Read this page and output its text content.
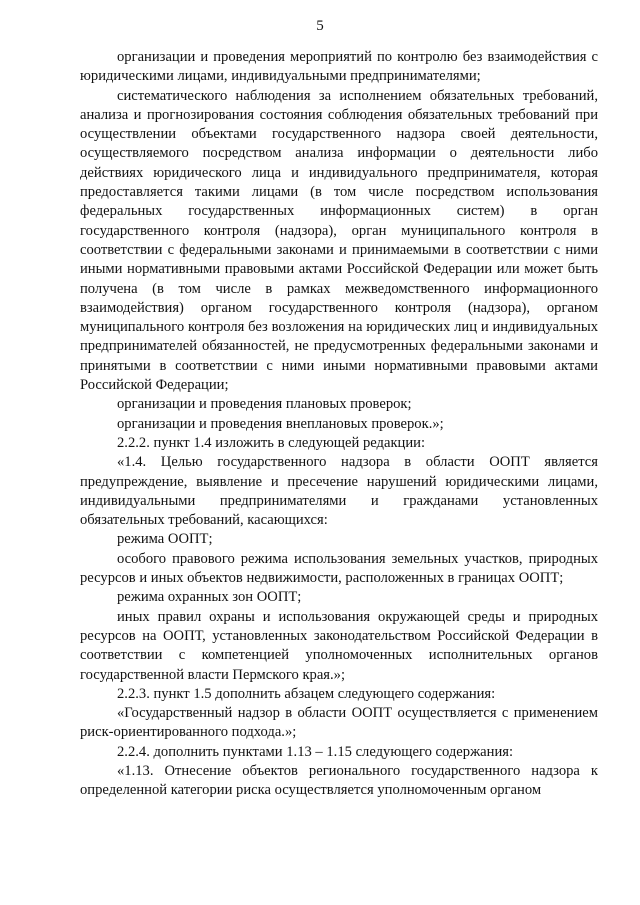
5

организации и проведения мероприятий по контролю без взаимодействия с юридическими лицами, индивидуальными предпринимателями;

систематического наблюдения за исполнением обязательных требований, анализа и прогнозирования состояния соблюдения обязательных требований при осуществлении объектами государственного надзора своей деятельности, осуществляемого посредством анализа информации о деятельности либо действиях юридического лица и индивидуального предпринимателя, которая предоставляется такими лицами (в том числе посредством использования федеральных государственных информационных систем) в орган государственного контроля (надзора), орган муниципального контроля в соответствии с федеральными законами и принимаемыми в соответствии с ними иными нормативными правовыми актами Российской Федерации или может быть получена (в том числе в рамках межведомственного информационного взаимодействия) органом государственного контроля (надзора), органом муниципального контроля без возложения на юридических лиц и индивидуальных предпринимателей обязанностей, не предусмотренных федеральными законами и принятыми в соответствии с ними иными нормативными правовыми актами Российской Федерации;

организации и проведения плановых проверок;

организации и проведения внеплановых проверок.»;

2.2.2. пункт 1.4 изложить в следующей редакции:

«1.4. Целью государственного надзора в области ООПТ является предупреждение, выявление и пресечение нарушений юридическими лицами, индивидуальными предпринимателями и гражданами установленных обязательных требований, касающихся:

режима ООПТ;

особого правового режима использования земельных участков, природных ресурсов и иных объектов недвижимости, расположенных в границах ООПТ;

режима охранных зон ООПТ;

иных правил охраны и использования окружающей среды и природных ресурсов на ООПТ, установленных законодательством Российской Федерации в соответствии с компетенцией уполномоченных исполнительных органов государственной власти Пермского края.»;

2.2.3. пункт 1.5 дополнить абзацем следующего содержания:

«Государственный надзор в области ООПТ осуществляется с применением риск-ориентированного подхода.»;

2.2.4. дополнить пунктами 1.13 – 1.15 следующего содержания:

«1.13. Отнесение объектов регионального государственного надзора к определенной категории риска осуществляется уполномоченным органом
